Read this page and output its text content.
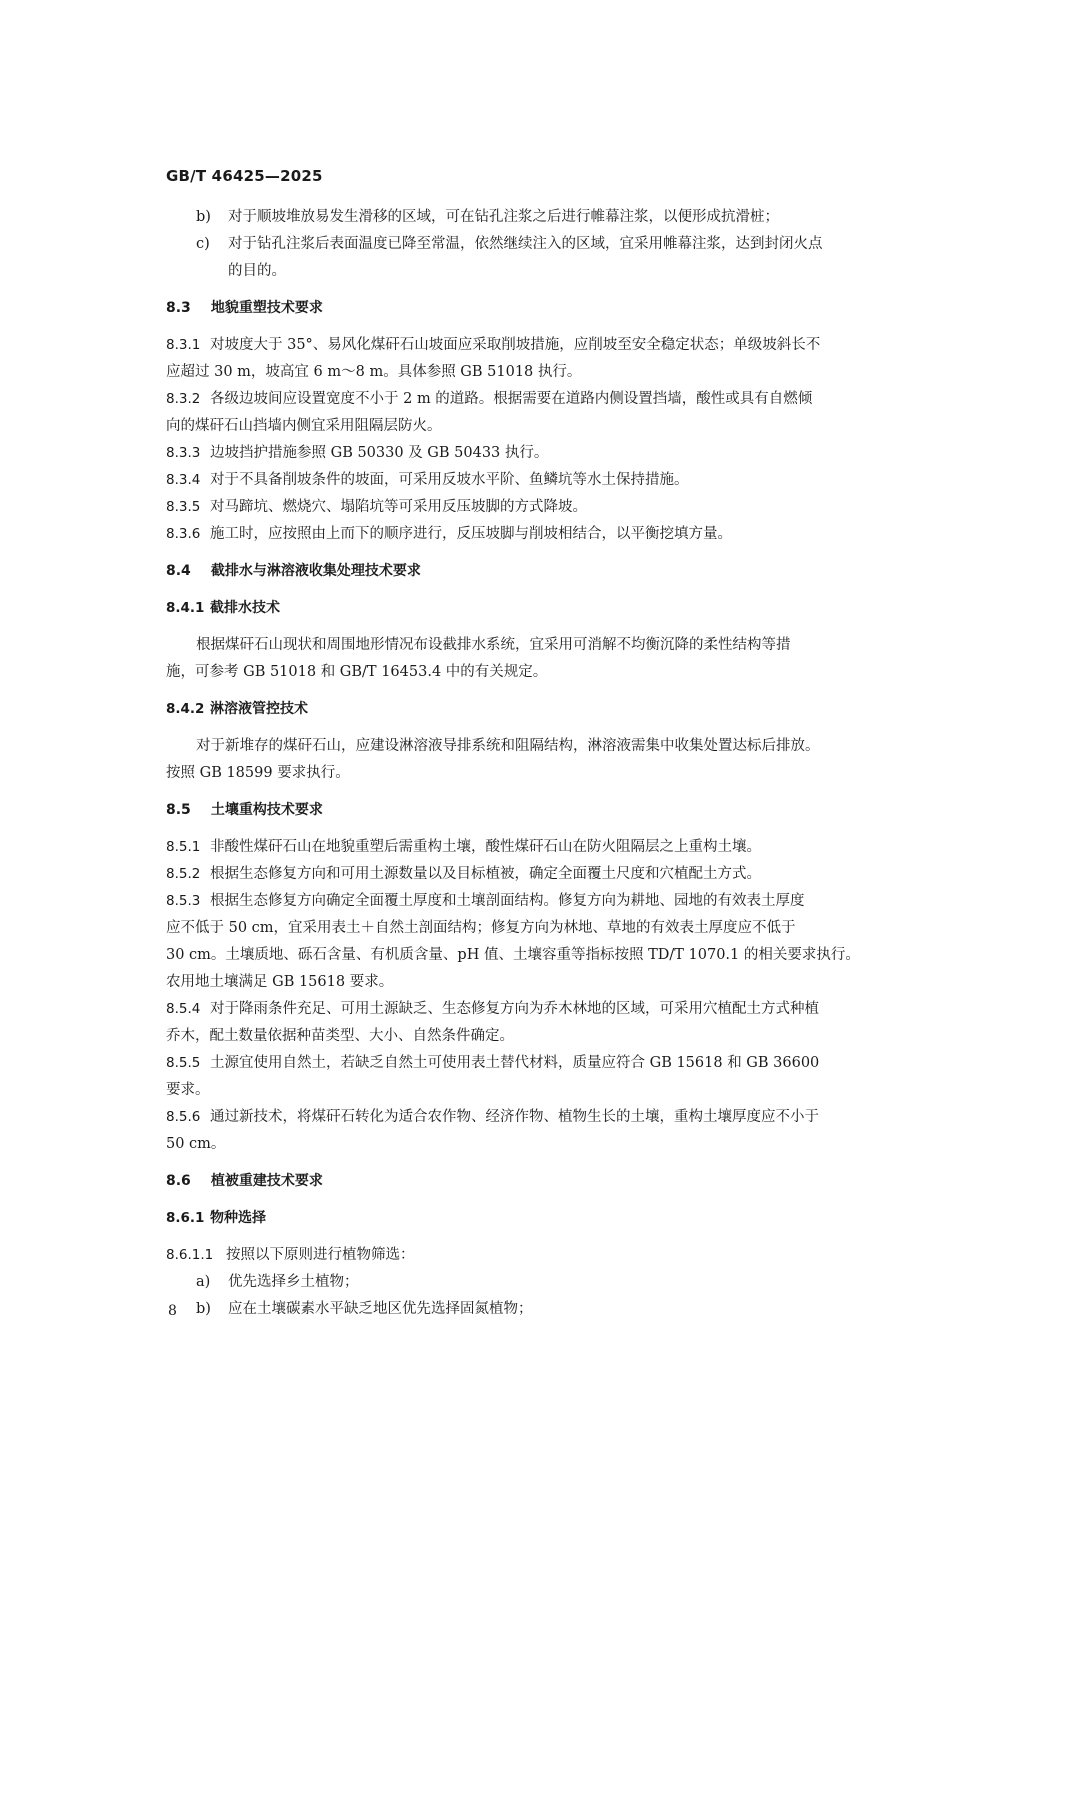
GB/T 46425—2025
b)	对于顺坡堆放易发生滑移的区域，可在钻孔注浆之后进行帷幕注浆，以便形成抗滑桩；
c)	对于钻孔注浆后表面温度已降至常温，依然继续注入的区域，宜采用帷幕注浆，达到封闭火点
的目的。
8.3 地貌重塑技术要求
8.3.1 对坡度大于 35°、易风化煤矸石山坡面应采取削坡措施，应削坡至安全稳定状态；单级坡斜长不
应超过 30 m，坡高宜 6 m～8 m。具体参照 GB 51018 执行。
8.3.2 各级边坡间应设置宽度不小于 2 m 的道路。根据需要在道路内侧设置挡墙，酸性或具有自燃倾
向的煤矸石山挡墙内侧宜采用阻隔层防火。
8.3.3 边坡挡护措施参照 GB 50330 及 GB 50433 执行。
8.3.4 对于不具备削坡条件的坡面，可采用反坡水平阶、鱼鳞坑等水土保持措施。
8.3.5 对马蹄坑、燃烧穴、塌陷坑等可采用反压坡脚的方式降坡。
8.3.6 施工时，应按照由上而下的顺序进行，反压坡脚与削坡相结合，以平衡挖填方量。
8.4 截排水与淋溶液收集处理技术要求
8.4.1 截排水技术
根据煤矸石山现状和周围地形情况布设截排水系统，宜采用可消解不均衡沉降的柔性结构等措
施，可参考 GB 51018 和 GB/T 16453.4 中的有关规定。
8.4.2 淋溶液管控技术
对于新堆存的煤矸石山，应建设淋溶液导排系统和阻隔结构，淋溶液需集中收集处置达标后排放。
按照 GB 18599 要求执行。
8.5 土壤重构技术要求
8.5.1 非酸性煤矸石山在地貌重塑后需重构土壤，酸性煤矸石山在防火阻隔层之上重构土壤。
8.5.2 根据生态修复方向和可用土源数量以及目标植被，确定全面覆土尺度和穴植配土方式。
8.5.3 根据生态修复方向确定全面覆土厚度和土壤剖面结构。修复方向为耕地、园地的有效表土厚度
应不低于 50 cm，宜采用表土＋自然土剖面结构；修复方向为林地、草地的有效表土厚度应不低于
30 cm。土壤质地、砾石含量、有机质含量、pH 值、土壤容重等指标按照 TD/T 1070.1 的相关要求执行。
农用地土壤满足 GB 15618 要求。
8.5.4 对于降雨条件充足、可用土源缺乏、生态修复方向为乔木林地的区域，可采用穴植配土方式种植
乔木，配土数量依据种苗类型、大小、自然条件确定。
8.5.5 土源宜使用自然土，若缺乏自然土可使用表土替代材料，质量应符合 GB 15618 和 GB 36600
要求。
8.5.6 通过新技术，将煤矸石转化为适合农作物、经济作物、植物生长的土壤，重构土壤厚度应不小于
50 cm。
8.6 植被重建技术要求
8.6.1 物种选择
8.6.1.1 按照以下原则进行植物筛选：
a)	优先选择乡土植物；
b)	应在土壤碳素水平缺乏地区优先选择固氮植物；
8
